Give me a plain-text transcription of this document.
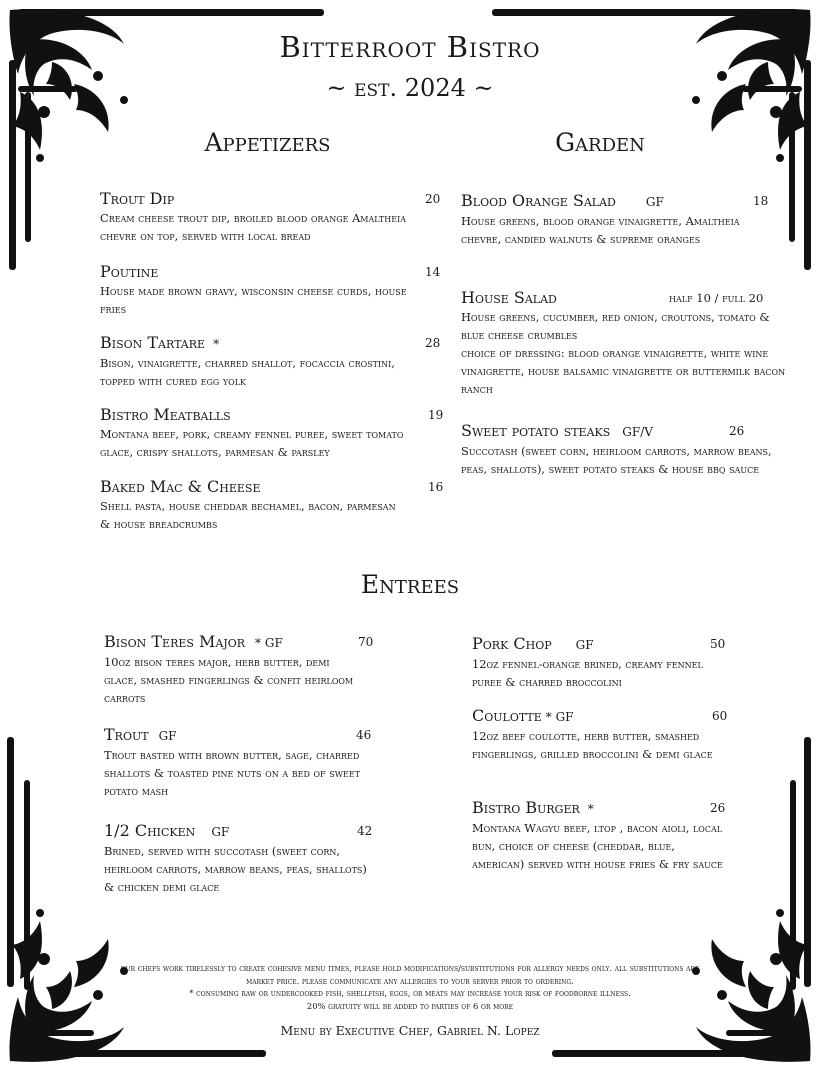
Bitterroot Bistro
~ est. 2024 ~
Appetizers	Garden
Entrees
Trout Dip	20
Cream cheese trout dip, broiled blood orange Amaltheia chevre on top, served with local bread
Poutine	14
House made brown gravy, wisconsin cheese curds, house fries
Bison Tartare *	28
Bison, vinaigrette, charred shallot, focaccia crostini, topped with cured egg yolk
Bistro Meatballs	19
Montana beef, pork, creamy fennel puree, sweet tomato glace, crispy shallots, parmesan & parsley
Baked Mac & Cheese	16
Shell pasta, house cheddar bechamel, bacon, parmesan & house breadcrumbs
Blood Orange Salad	GF	18
House greens, blood orange vinaigrette, Amaltheia chevre, candied walnuts & supreme oranges
House Salad	half 10 / full 20
House greens, cucumber, red onion, croutons, tomato & blue cheese crumbles
choice of dressing: blood orange vinaigrette, white wine vinaigrette, house balsamic vinaigrette or buttermilk bacon ranch
Sweet potato steaks GF/V	26
Succotash (sweet corn, heirloom carrots, marrow beans, peas, shallots), sweet potato steaks & house bbq sauce
Bison Teres Major * GF	70
10oz bison teres major, herb butter, demi glace, smashed fingerlings & confit heirloom carrots
Trout GF	46
Trout basted with brown butter, sage, charred shallots & toasted pine nuts on a bed of sweet potato mash
1/2 Chicken GF	42
Brined, served with succotash (sweet corn, heirloom carrots, marrow beans, peas, shallots) & chicken demi glace
Pork Chop GF	50
12oz fennel-orange brined, creamy fennel puree & charred broccolini
Coulotte * GF	60
12oz beef coulotte, herb butter, smashed fingerlings, grilled broccolini & demi glace
Bistro Burger *	26
Montana Wagyu beef, ltop , bacon aioli, local bun, choice of cheese (cheddar, blue, american) served with house fries & fry sauce
our chefs work tirelessly to create cohesive menu itmes, please hold modifications/substitutions for allergy needs only. all substitutions are market price. please communicate any allergies to your server prior to ordering.
* consuming raw or undercooked fish, shellfish, eggs, or meats may increase your risk of foodborne illness.
20% gratuity will be added to parties of 6 or more
Menu by Executive Chef, Gabriel N. Lopez
